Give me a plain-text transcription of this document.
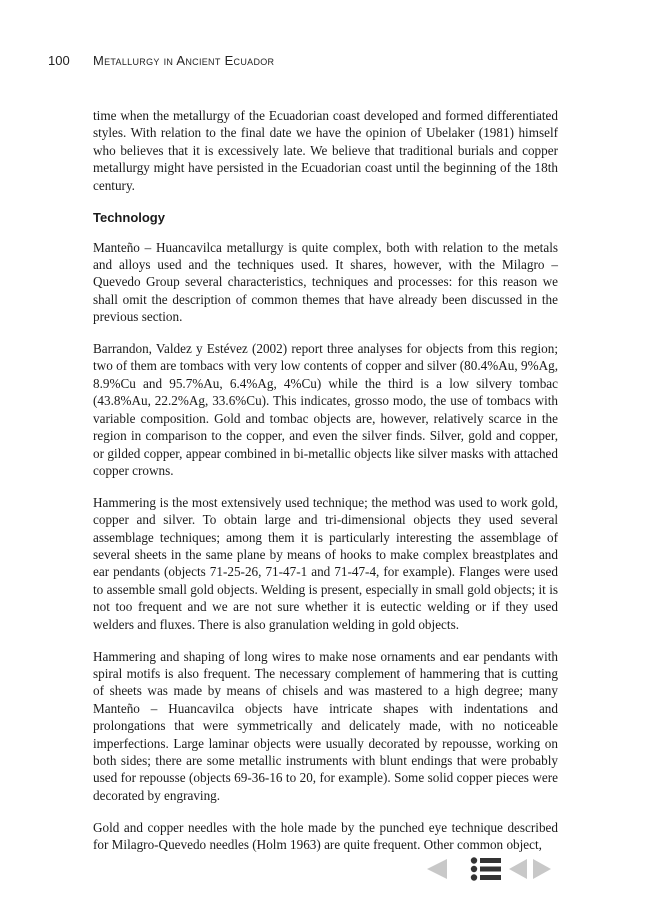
100 Metallurgy in Ancient Ecuador

time when the metallurgy of the Ecuadorian coast developed and formed differentiated styles. With relation to the final date we have the opinion of Ubelaker (1981) himself who believes that it is excessively late. We believe that traditional burials and copper metallurgy might have persisted in the Ecuadorian coast until the beginning of the 18th century.

Technology

Manteño – Huancavilca metallurgy is quite complex, both with relation to the metals and alloys used and the techniques used. It shares, however, with the Milagro – Quevedo Group several characteristics, techniques and processes: for this reason we shall omit the description of common themes that have already been discussed in the previous section.

Barrandon, Valdez y Estévez (2002) report three analyses for objects from this region; two of them are tombacs with very low contents of copper and silver (80.4%Au, 9%Ag, 8.9%Cu and 95.7%Au, 6.4%Ag, 4%Cu) while the third is a low silvery tombac (43.8%Au, 22.2%Ag, 33.6%Cu). This indicates, grosso modo, the use of tombacs with variable composition. Gold and tombac objects are, however, relatively scarce in the region in comparison to the copper, and even the silver finds. Silver, gold and copper, or gilded copper, appear combined in bi-metallic objects like silver masks with attached copper crowns.

Hammering is the most extensively used technique; the method was used to work gold, copper and silver. To obtain large and tri-dimensional objects they used several assemblage techniques; among them it is particularly interesting the assemblage of several sheets in the same plane by means of hooks to make complex breastplates and ear pendants (objects 71-25-26, 71-47-1 and 71-47-4, for example). Flanges were used to assemble small gold objects. Welding is present, especially in small gold objects; it is not too frequent and we are not sure whether it is eutectic welding or if they used welders and fluxes. There is also granulation welding in gold objects.

Hammering and shaping of long wires to make nose ornaments and ear pendants with spiral motifs is also frequent. The necessary complement of hammering that is cutting of sheets was made by means of chisels and was mastered to a high degree; many Manteño – Huancavilca objects have intricate shapes with indentations and prolongations that were symmetrically and delicately made, with no noticeable imperfections. Large laminar objects were usually decorated by repousse, working on both sides; there are some metallic instruments with blunt endings that were probably used for repousse (objects 69-36-16 to 20, for example). Some solid copper pieces were decorated by engraving.

Gold and copper needles with the hole made by the punched eye technique described for Milagro-Quevedo needles (Holm 1963) are quite frequent. Other common object,
